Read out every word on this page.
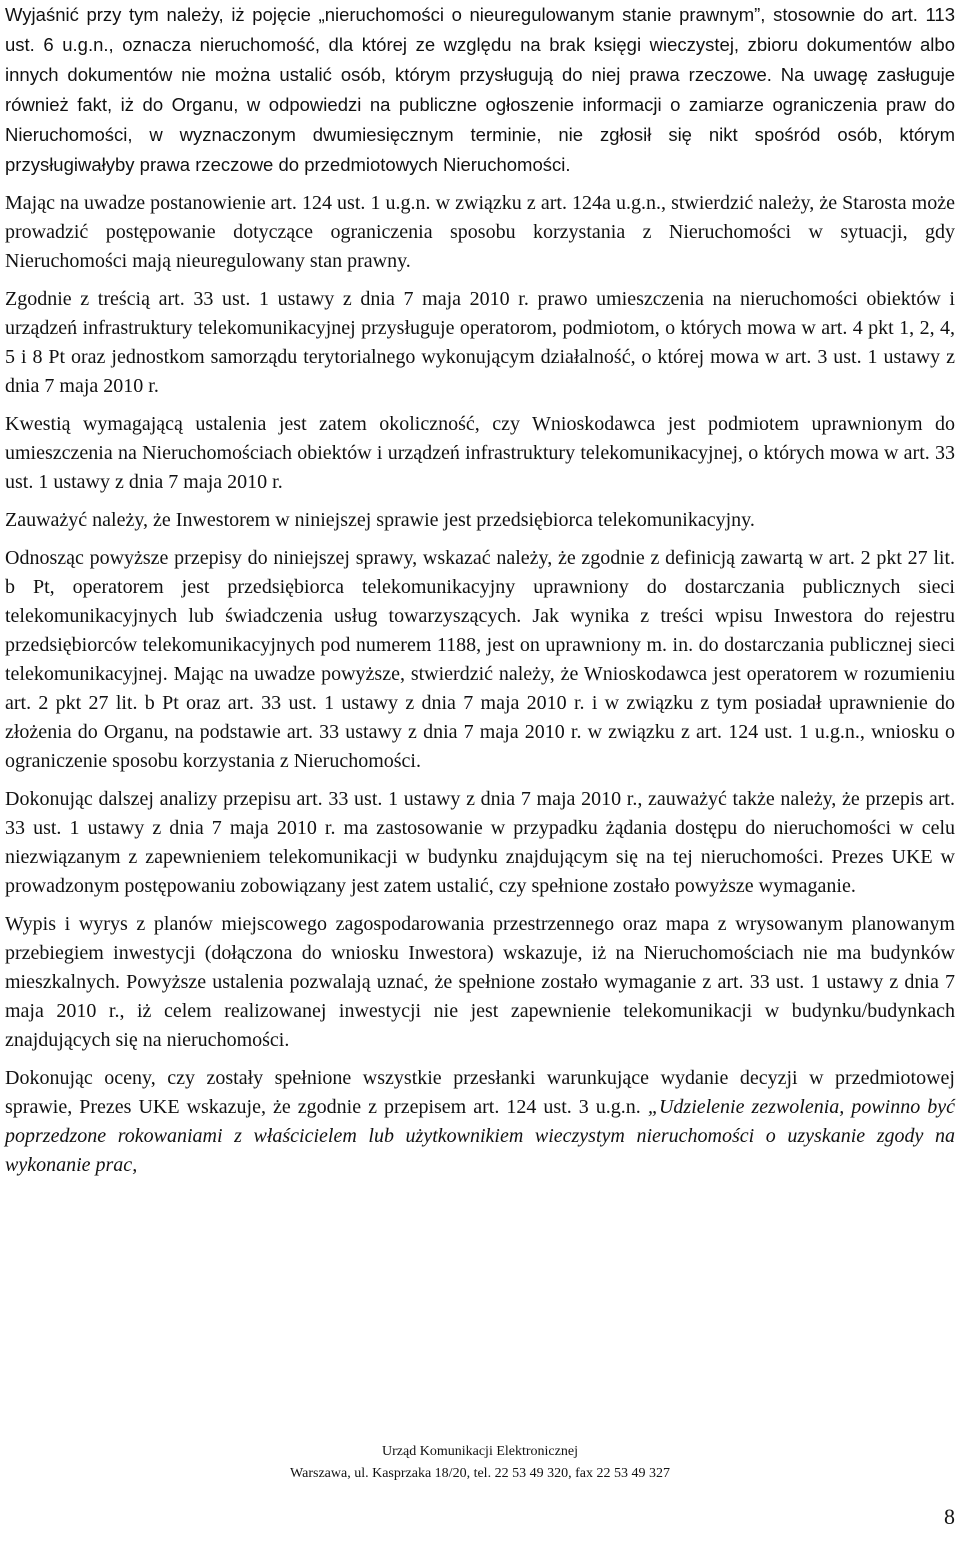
Wyjaśnić przy tym należy, iż pojęcie „nieruchomości o nieuregulowanym stanie prawnym”, stosownie do art. 113 ust. 6 u.g.n., oznacza nieruchomość, dla której ze względu na brak księgi wieczystej, zbioru dokumentów albo innych dokumentów nie można ustalić osób, którym przysługują do niej prawa rzeczowe. Na uwagę zasługuje również fakt, iż do Organu, w odpowiedzi na publiczne ogłoszenie informacji o zamiarze ograniczenia praw do Nieruchomości, w wyznaczonym dwumiesięcznym terminie, nie zgłosił się nikt spośród osób, którym przysługiwałyby prawa rzeczowe do przedmiotowych Nieruchomości.

Mając na uwadze postanowienie art. 124 ust. 1 u.g.n. w związku z art. 124a u.g.n., stwierdzić należy, że Starosta może prowadzić postępowanie dotyczące ograniczenia sposobu korzystania z Nieruchomości w sytuacji, gdy Nieruchomości mają nieuregulowany stan prawny.

Zgodnie z treścią art. 33 ust. 1 ustawy z dnia 7 maja 2010 r. prawo umieszczenia na nieruchomości obiektów i urządzeń infrastruktury telekomunikacyjnej przysługuje operatorom, podmiotom, o których mowa w art. 4 pkt 1, 2, 4, 5 i 8 Pt oraz jednostkom samorządu terytorialnego wykonującym działalność, o której mowa w art. 3 ust. 1 ustawy z dnia 7 maja 2010 r.

Kwestią wymagającą ustalenia jest zatem okoliczność, czy Wnioskodawca jest podmiotem uprawnionym do umieszczenia na Nieruchomościach obiektów i urządzeń infrastruktury telekomunikacyjnej, o których mowa w art. 33 ust. 1 ustawy z dnia 7 maja 2010 r.

Zauważyć należy, że Inwestorem w niniejszej sprawie jest przedsiębiorca telekomunikacyjny.

Odnosząc powyższe przepisy do niniejszej sprawy, wskazać należy, że zgodnie z definicją zawartą w art. 2 pkt 27 lit. b Pt, operatorem jest przedsiębiorca telekomunikacyjny uprawniony do dostarczania publicznych sieci telekomunikacyjnych lub świadczenia usług towarzyszących. Jak wynika z treści wpisu Inwestora do rejestru przedsiębiorców telekomunikacyjnych pod numerem 1188, jest on uprawniony m. in. do dostarczania publicznej sieci telekomunikacyjnej. Mając na uwadze powyższe, stwierdzić należy, że Wnioskodawca jest operatorem w rozumieniu art. 2 pkt 27 lit. b Pt oraz art. 33 ust. 1 ustawy z dnia 7 maja 2010 r. i w związku z tym posiadał uprawnienie do złożenia do Organu, na podstawie art. 33 ustawy z dnia 7 maja 2010 r. w związku z art. 124 ust. 1 u.g.n., wniosku o ograniczenie sposobu korzystania z Nieruchomości.

Dokonując dalszej analizy przepisu art. 33 ust. 1 ustawy z dnia 7 maja 2010 r., zauważyć także należy, że przepis art. 33 ust. 1 ustawy z dnia 7 maja 2010 r. ma zastosowanie w przypadku żądania dostępu do nieruchomości w celu niezwiązanym z zapewnieniem telekomunikacji w budynku znajdującym się na tej nieruchomości. Prezes UKE w prowadzonym postępowaniu zobowiązany jest zatem ustalić, czy spełnione zostało powyższe wymaganie.

Wypis i wyrys z planów miejscowego zagospodarowania przestrzennego oraz mapa z wrysowanym planowanym przebiegiem inwestycji (dołączona do wniosku Inwestora) wskazuje, iż na Nieruchomościach nie ma budynków mieszkalnych. Powyższe ustalenia pozwalają uznać, że spełnione zostało wymaganie z art. 33 ust. 1 ustawy z dnia 7 maja 2010 r., iż celem realizowanej inwestycji nie jest zapewnienie telekomunikacji w budynku/budynkach znajdujących się na nieruchomości.

Dokonując oceny, czy zostały spełnione wszystkie przesłanki warunkujące wydanie decyzji w przedmiotowej sprawie, Prezes UKE wskazuje, że zgodnie z przepisem art. 124 ust. 3 u.g.n. „Udzielenie zezwolenia, powinno być poprzedzone rokowaniami z właścicielem lub użytkownikiem wieczystym nieruchomości o uzyskanie zgody na wykonanie prac,

Urząd Komunikacji Elektronicznej
Warszawa, ul. Kasprzaka 18/20, tel. 22 53 49 320, fax 22 53 49 327
8
